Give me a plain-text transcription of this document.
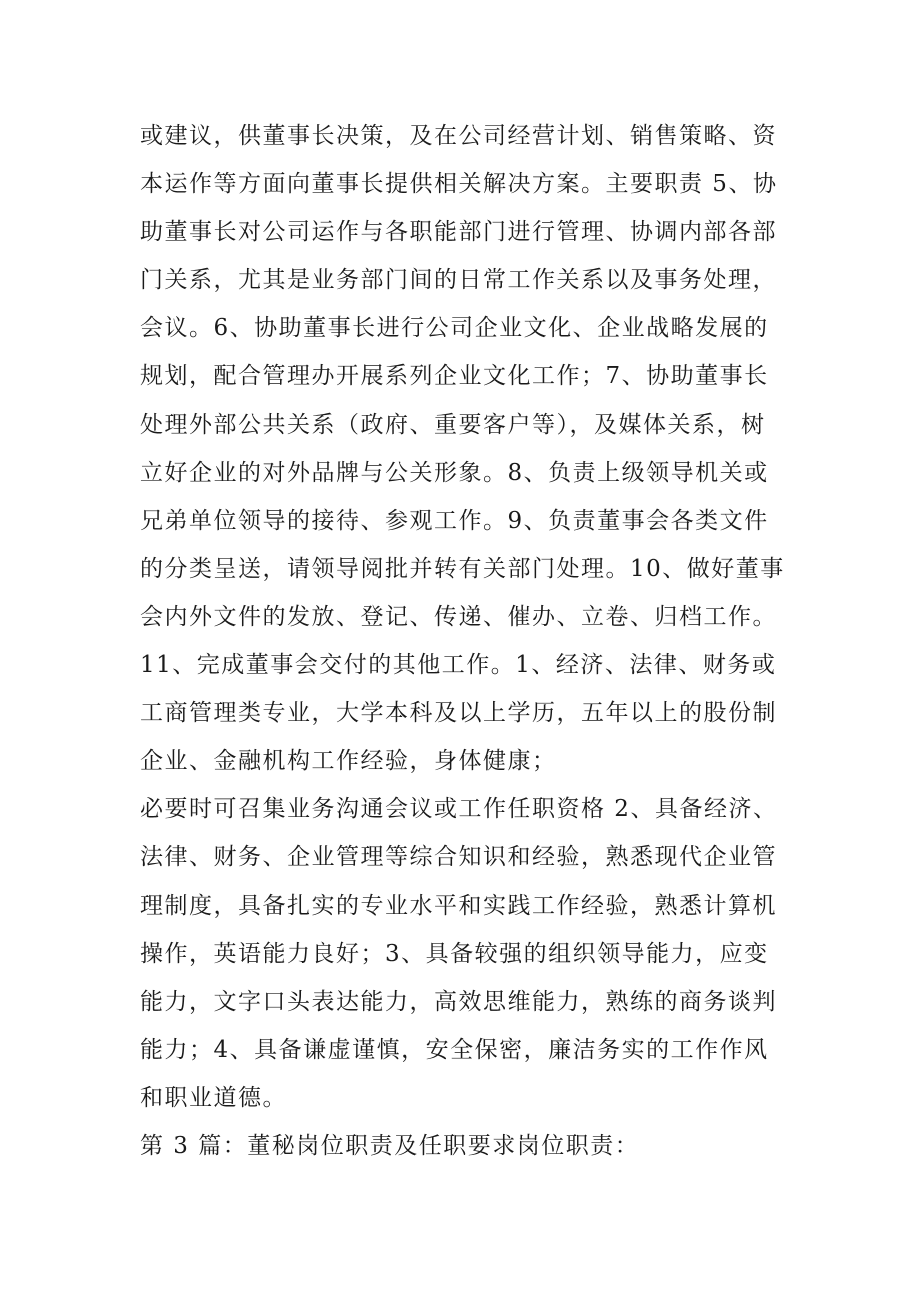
或建议，供董事长决策，及在公司经营计划、销售策略、资
本运作等方面向董事长提供相关解决方案。主要职责 5、协
助董事长对公司运作与各职能部门进行管理、协调内部各部
门关系，尤其是业务部门间的日常工作关系以及事务处理，
会议。6、协助董事长进行公司企业文化、企业战略发展的
规划，配合管理办开展系列企业文化工作；7、协助董事长
处理外部公共关系（政府、重要客户等），及媒体关系，树
立好企业的对外品牌与公关形象。8、负责上级领导机关或
兄弟单位领导的接待、参观工作。9、负责董事会各类文件
的分类呈送，请领导阅批并转有关部门处理。10、做好董事
会内外文件的发放、登记、传递、催办、立卷、归档工作。
11、完成董事会交付的其他工作。1、经济、法律、财务或
工商管理类专业，大学本科及以上学历，五年以上的股份制
企业、金融机构工作经验，身体健康；
必要时可召集业务沟通会议或工作任职资格 2、具备经济、
法律、财务、企业管理等综合知识和经验，熟悉现代企业管
理制度，具备扎实的专业水平和实践工作经验，熟悉计算机
操作，英语能力良好；3、具备较强的组织领导能力，应变
能力，文字口头表达能力，高效思维能力，熟练的商务谈判
能力；4、具备谦虚谨慎，安全保密，廉洁务实的工作作风
和职业道德。
第 3 篇：董秘岗位职责及任职要求岗位职责：
